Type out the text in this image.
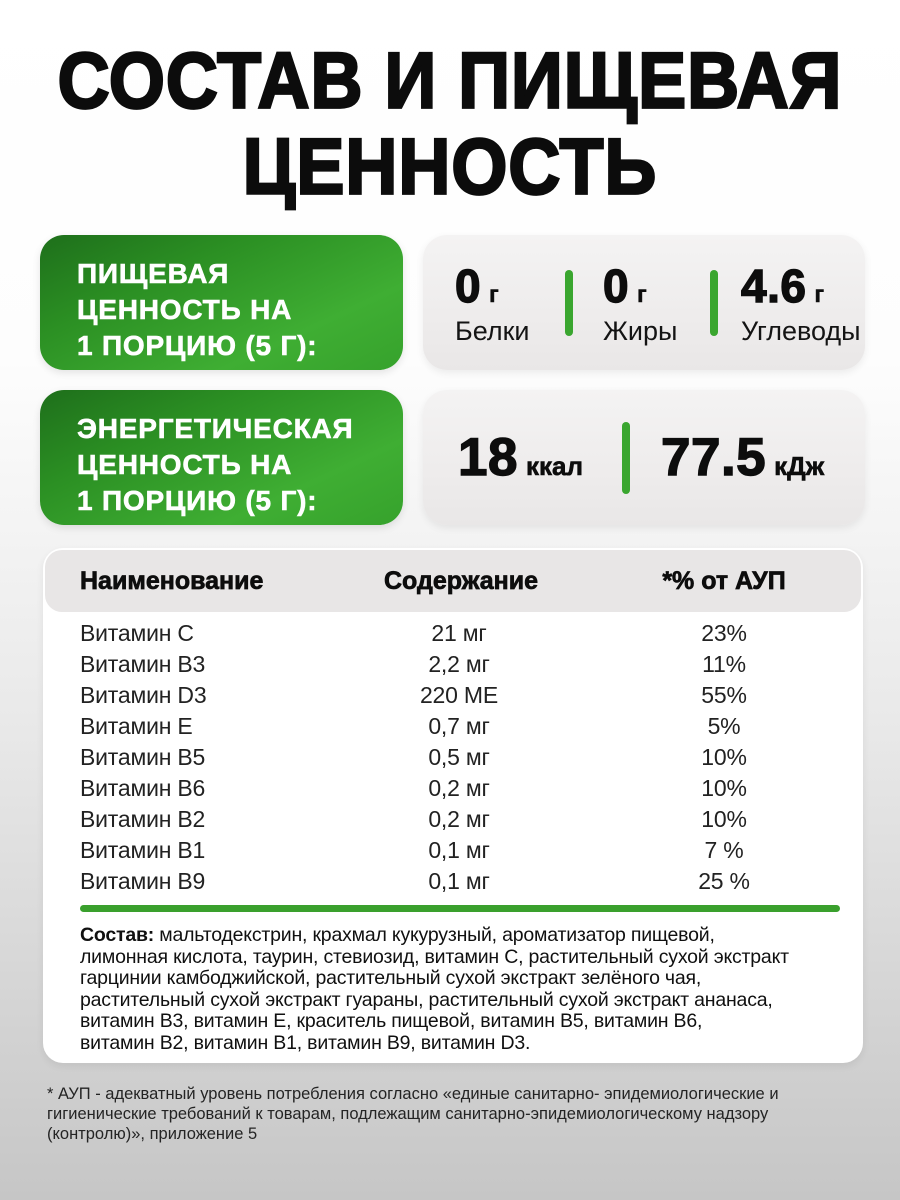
СОСТАВ И ПИЩЕВАЯ
ЦЕННОСТЬ
ПИЩЕВАЯ
ЦЕННОСТЬ НА
1 ПОРЦИЮ (5 Г):
0 г
Белки
0 г
Жиры
4.6 г
Углеводы
ЭНЕРГЕТИЧЕСКАЯ
ЦЕННОСТЬ НА
1 ПОРЦИЮ (5 Г):
18 ккал 77.5 кДж
Наименование	Содержание	*% от АУП
Витамин C	21 мг	23%
Витамин B3	2,2 мг	11%
Витамин D3	220 МЕ	55%
Витамин E	0,7 мг	5%
Витамин B5	0,5 мг	10%
Витамин B6	0,2 мг	10%
Витамин B2	0,2 мг	10%
Витамин B1	0,1 мг	7 %
Витамин B9	0,1 мг	25 %
Состав: мальтодекстрин, крахмал кукурузный, ароматизатор пищевой,
лимонная кислота, таурин, стевиозид, витамин C, растительный сухой экстракт
гарцинии камбоджийской, растительный сухой экстракт зелёного чая,
растительный сухой экстракт гуараны, растительный сухой экстракт ананаса,
витамин B3, витамин E, краситель пищевой, витамин B5, витамин B6,
витамин B2, витамин B1, витамин B9, витамин D3.
* АУП - адекватный уровень потребления согласно «единые санитарно- эпидемиологические и
гигиенические требований к товарам, подлежащим санитарно-эпидемиологическому надзору
(контролю)», приложение 5
